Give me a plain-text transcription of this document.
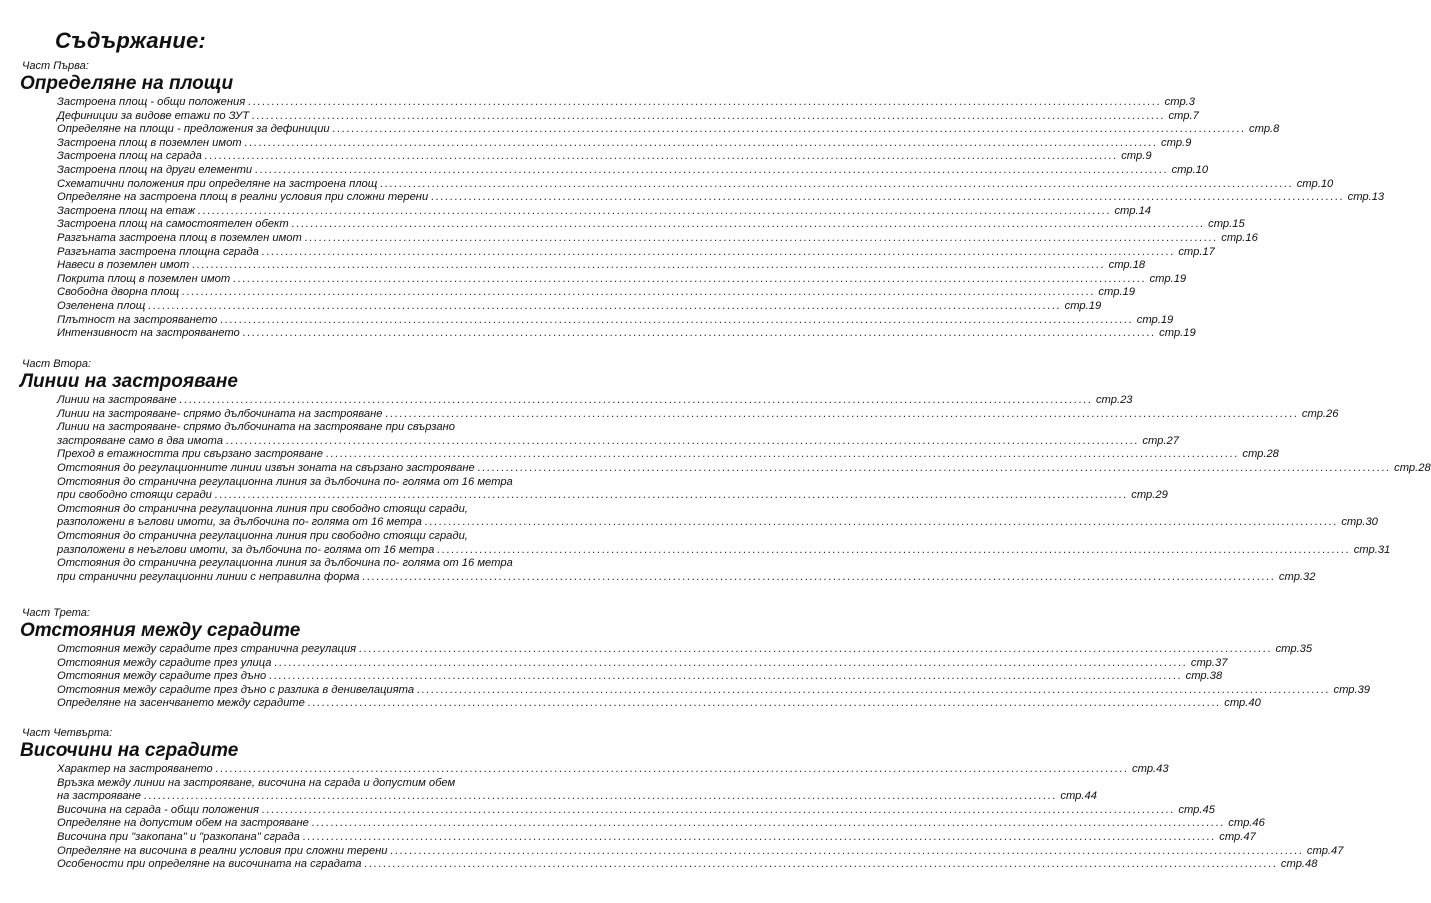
Съдържание:
Част Първа:
Определяне на площи
Застроена площ - общи положения .....	стр.3
Дефиниции за видове етажи по ЗУТ .....	стр.7
Определяне на площи - предложения за дефиниции .....	стр.8
Застроена площ в поземлен имот .....	стр.9
Застроена площ на сграда .....	стр.9
Застроена площ на други елементи .....	стр.10
Схематични положения при определяне на застроена площ .....	стр.10
Определяне на застроена площ в реални условия при сложни терени .....	стр.13
Застроена площ на етаж .....	стр.14
Застроена площ на самостоятелен обект .....	стр.15
Разгъната застроена площ в поземлен имот .....	стр.16
Разгъната застроена площна сграда .....	стр.17
Навеси в поземлен имот .....	стр.18
Покрита площ в поземлен имот .....	стр.19
Свободна дворна площ .....	стр.19
Озеленена площ .....	стр.19
Плътност на застрояването .....	стр.19
Интензивност на застрояването .....	стр.19
Част Втора:
Линии на застрояване
Линии на застрояване .....	стр.23
Линии на застрояване- спрямо дълбочината на застрояване .....	стр.26
Линии на застрояване- спрямо дълбочината на застрояване при свързано
застрояване само в два имота .....	стр.27
Преход в етажността при свързано застрояване .....	стр.28
Отстояния до регулационните линии извън зоната на свързано застрояване .....	стр.28
Отстояния до странична регулационна линия за дълбочина по- голяма от 16 метра
при свободно стоящи сгради .....	стр.29
Отстояния до странична регулационна линия при свободно стоящи сгради,
разположени в ъглови имоти, за дълбочина по- голяма от 16 метра .....	стр.30
Отстояния до странична регулационна линия при свободно стоящи сгради,
разположени в неъглови имоти, за дълбочина по- голяма от 16 метра .....	стр.31
Отстояния до странична регулационна линия за дълбочина по- голяма от 16 метра
при странични регулационни линии с неправилна форма .....	стр.32
Част Трета:
Отстояния между сградите
Отстояния между сградите през странична регулация .....	стр.35
Отстояния между сградите през улица .....	стр.37
Отстояния между сградите през дъно .....	стр.38
Отстояния между сградите през дъно с разлика в денивелацията .....	стр.39
Определяне на засенчването между сградите .....	стр.40
Част Четвърта:
Височини на сградите
Характер на застрояването .....	стр.43
Връзка между линии на застрояване, височина на сграда и допустим обем
на застрояване .....	стр.44
Височина на сграда - общи положения .....	стр.45
Определяне на допустим обем на застрояване .....	стр.46
Височина при "закопана" и "разкопана" сграда .....	стр.47
Определяне на височина в реални условия при сложни терени .....	стр.47
Особености при определяне на височината на сградата .....	стр.48
